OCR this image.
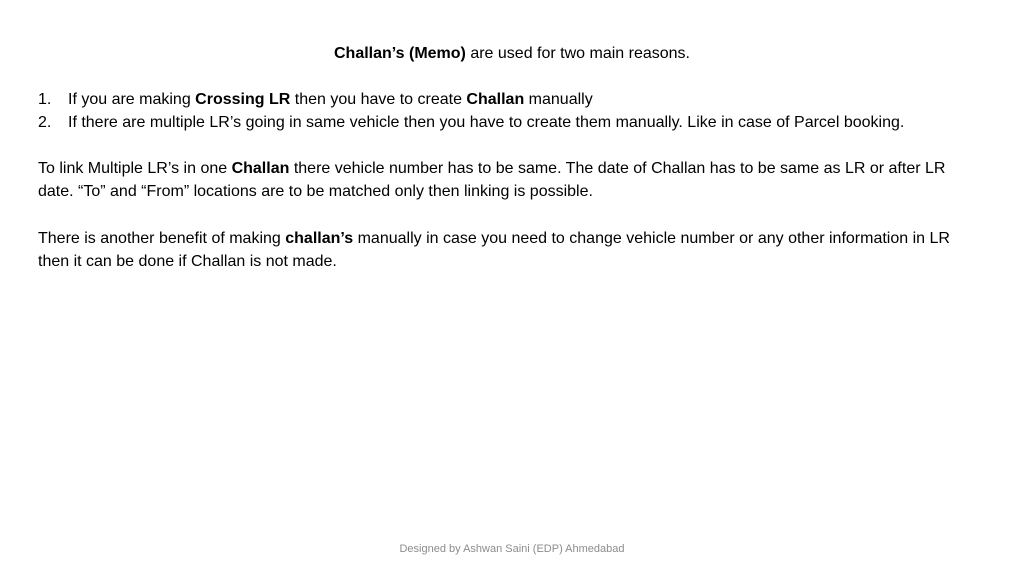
Challan’s (Memo) are used for two main reasons.
1. If you are making Crossing LR then you have to create Challan manually
2. If there are multiple LR’s going in same vehicle then you have to create them manually. Like in case of Parcel booking.

To link Multiple LR’s in one Challan there vehicle number has to be same. The date of Challan has to be same as LR or after LR date. “To” and “From” locations are to be matched only then linking is possible.

There is another benefit of making challan’s manually in case you need to change vehicle number or any other information in LR then it can be done if Challan is not made.

Designed by Ashwan Saini (EDP) Ahmedabad
